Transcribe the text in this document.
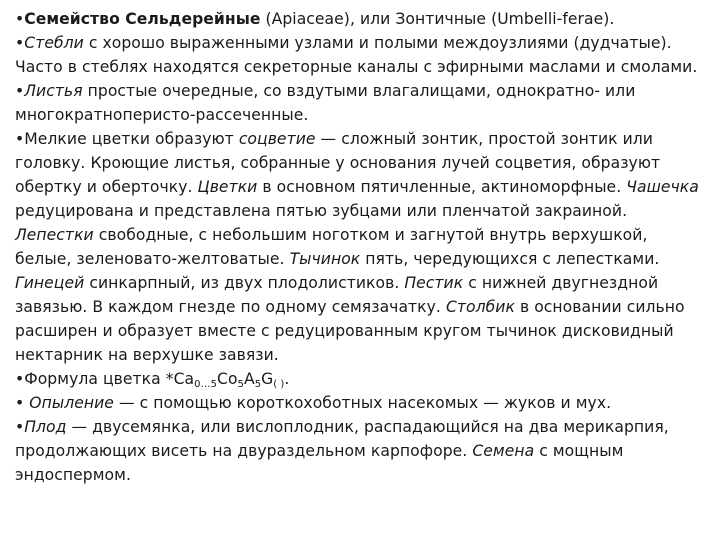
•Семейство Сельдерейные (Apiaceae), или Зонтичные (Umbelli-ferae).

•Стебли с хорошо выраженными узлами и полыми междоузлиями (дудчатые). Часто в стеблях находятся секреторные каналы с эфирными маслами и смолами.

•Листья простые очередные, со вздутыми влагалищами, однократно- или многократноперисто-рассеченные.

•Мелкие цветки образуют соцветие — сложный зонтик, простой зонтик или головку. Кроющие листья, собранные у основания лучей соцветия, образуют обертку и оберточку. Цветки в основном пятичленные, актиноморфные. Чашечка редуцирована и представлена пятью зубцами или пленчатой закраиной. Лепестки свободные, с небольшим ноготком и загнутой внутрь верхушкой, белые, зеленовато-желтоватые. Тычинок пять, чередующихся с лепестками. Гинецей синкарпный, из двух плодолистиков. Пестик с нижней двугнездной завязью. В каждом гнезде по одному семязачатку. Столбик в основании сильно расширен и образует вместе с редуцированным кругом тычинок дисковидный нектарник на верхушке завязи.

•Формула цветка $*Ca_{0\dots 5}Co_5A_5G_{( )}$.

• Опыление — с помощью короткохоботных насекомых — жуков и мух.

•Плод — двусемянка, или вислоплодник, распадающийся на два мерикарпия, продолжающих висеть на двураздельном карпофоре. Семена с мощным эндоспермом.
